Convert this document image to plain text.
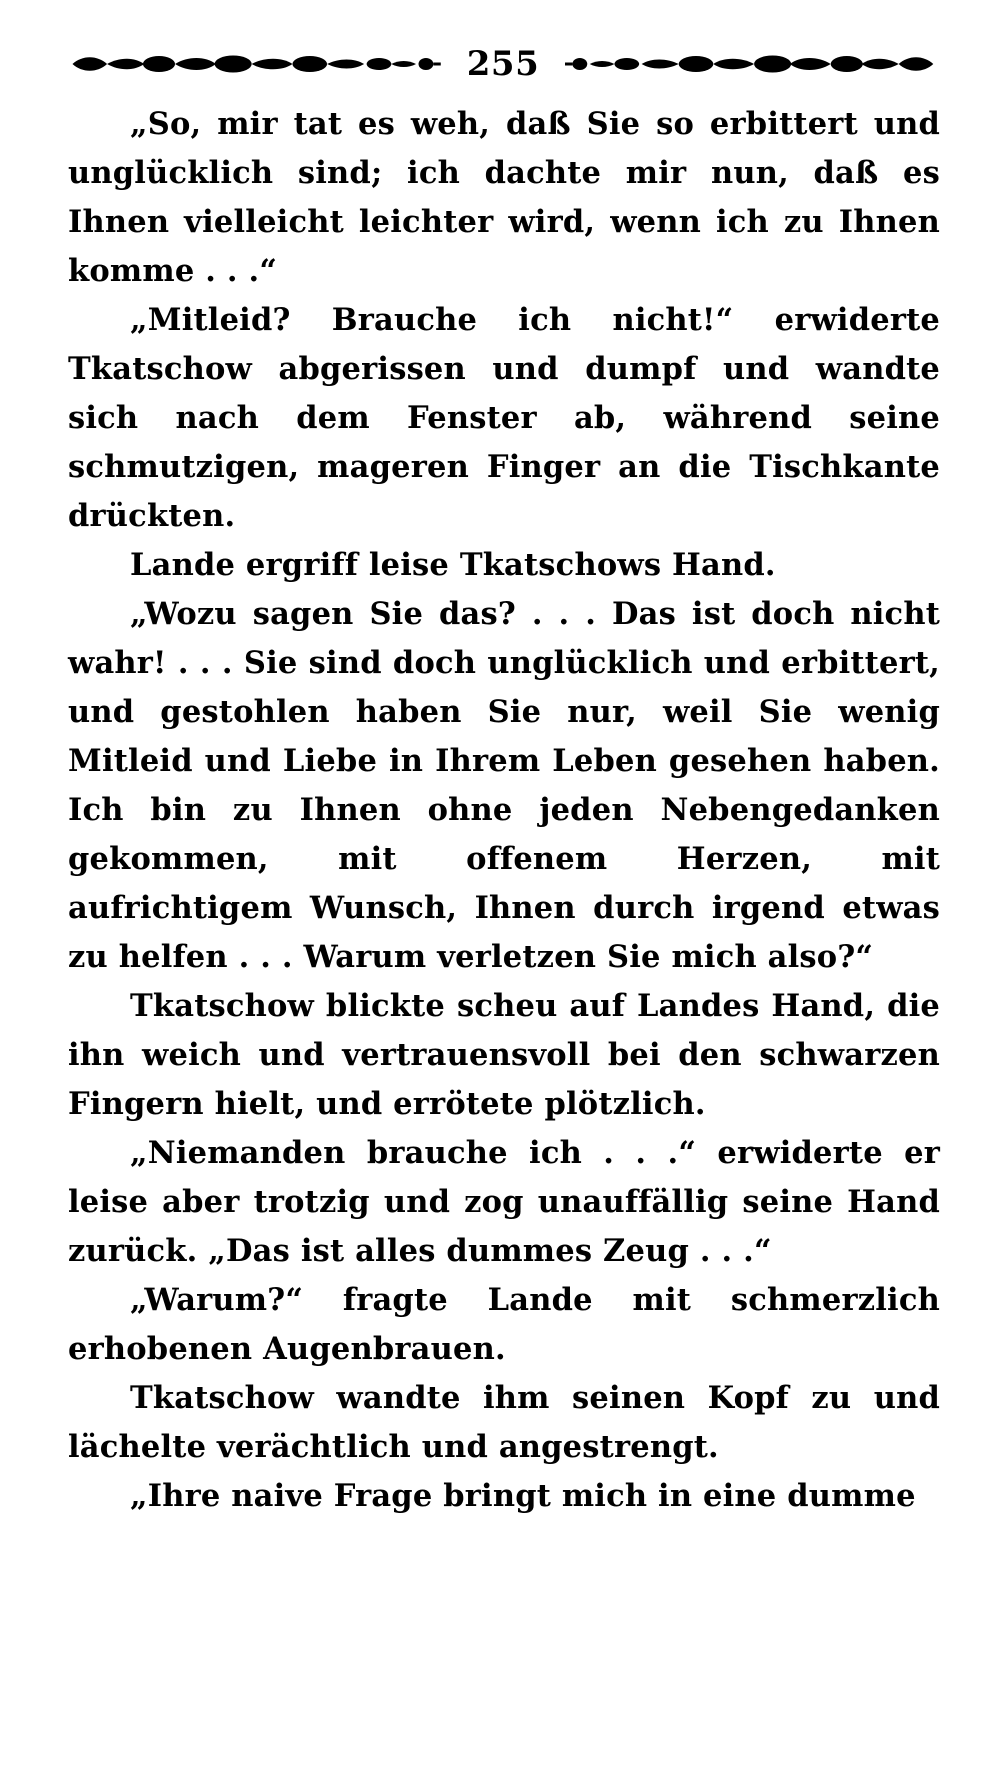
255

„So, mir tat es weh, daß Sie so erbittert und unglücklich sind; ich dachte mir nun, daß es Ihnen vielleicht leichter wird, wenn ich zu Ihnen komme . . .“

„Mitleid? Brauche ich nicht!“ erwiderte Tkatschow abgerissen und dumpf und wandte sich nach dem Fenster ab, während seine schmutzigen, mageren Finger an die Tischkante drückten.

Lande ergriff leise Tkatschows Hand.

„Wozu sagen Sie das? . . . Das ist doch nicht wahr! . . . Sie sind doch unglücklich und erbittert, und gestohlen haben Sie nur, weil Sie wenig Mitleid und Liebe in Ihrem Leben gesehen haben. Ich bin zu Ihnen ohne jeden Nebengedanken gekommen, mit offenem Herzen, mit aufrichtigem Wunsch, Ihnen durch irgend etwas zu helfen . . . Warum verletzen Sie mich also?“

Tkatschow blickte scheu auf Landes Hand, die ihn weich und vertrauensvoll bei den schwarzen Fingern hielt, und errötete plötzlich.

„Niemanden brauche ich . . .“ erwiderte er leise aber trotzig und zog unauffällig seine Hand zurück. „Das ist alles dummes Zeug . . .“

„Warum?“ fragte Lande mit schmerzlich erhobenen Augenbrauen.

Tkatschow wandte ihm seinen Kopf zu und lächelte verächtlich und angestrengt.

„Ihre naive Frage bringt mich in eine dumme
